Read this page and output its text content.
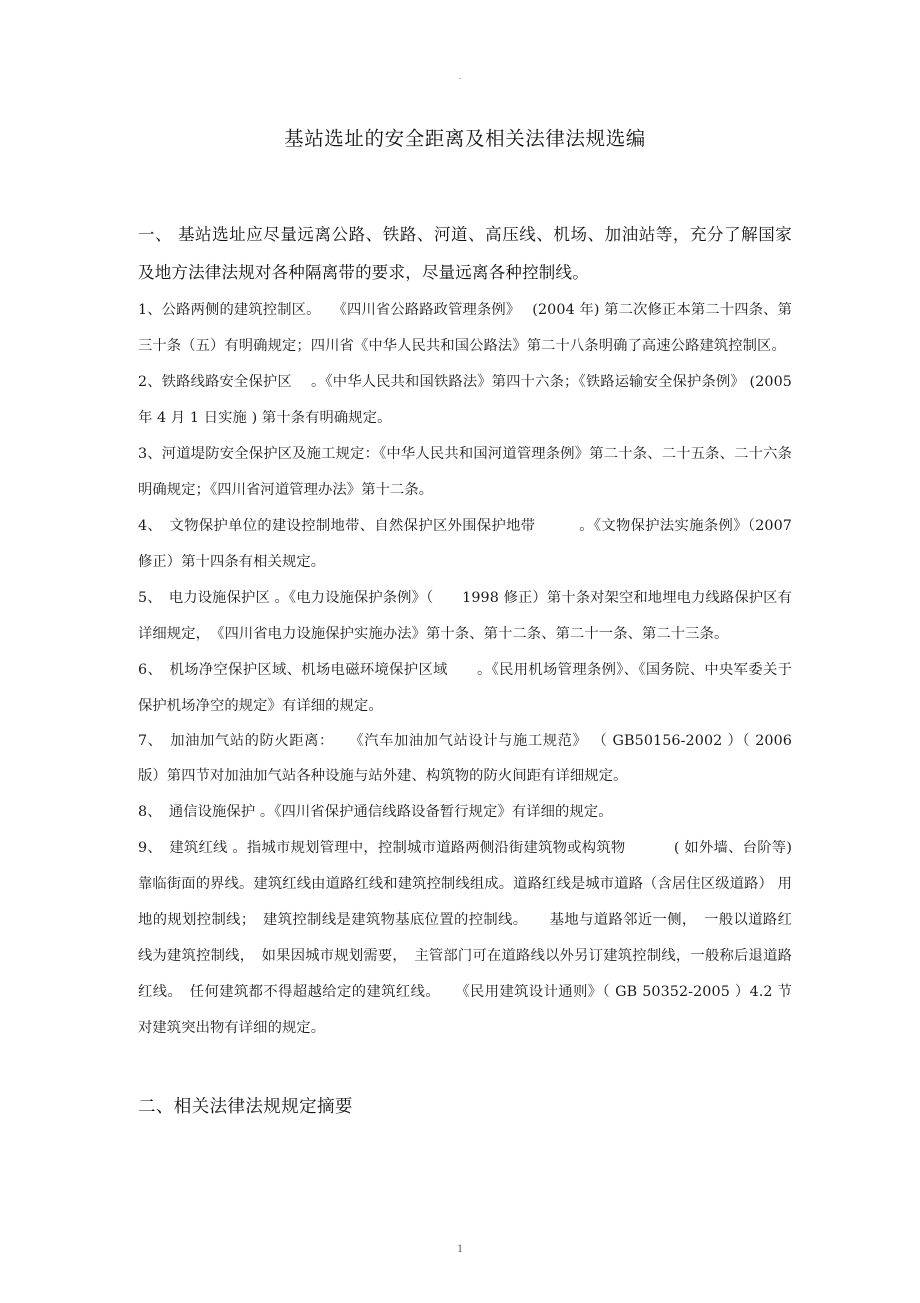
.
基站选址的安全距离及相关法律法规选编
一、 基站选址应尽量远离公路、铁路、河道、高压线、机场、加油站等，充分了解国家及地方法律法规对各种隔离带的要求，尽量远离各种控制线。
1、公路两侧的建筑控制区。 　《四川省公路路政管理条例》　 (2004 年) 第二次修正本第二十四条、第三十条（五）有明确规定；四川省《中华人民共和国公路法》第二十八条明确了高速公路建筑控制区。
2、铁路线路安全保护区 　。《中华人民共和国铁路法》第四十六条；《铁路运输安全保护条例》 (2005 年 4 月 1 日实施 ) 第十条有明确规定。
3、河道堤防安全保护区及施工规定：《中华人民共和国河道管理条例》第二十条、二十五条、二十六条明确规定；《四川省河道管理办法》第十二条。
4、　文物保护单位的建设控制地带、自然保护区外围保护地带　　　。《文物保护法实施条例》（2007 修正）第十四条有相关规定。
5、　电力设施保护区 。《电力设施保护条例》（　　1998 修正）第十条对架空和地埋电力线路保护区有详细规定，　《四川省电力设施保护实施办法》第十条、第十二条、第二十一条、第二十三条。
6、　机场净空保护区域、机场电磁环境保护区域　　。《民用机场管理条例》、《国务院、中央军委关于保护机场净空的规定》有详细的规定。
7、　加油加气站的防火距离：　　《汽车加油加气站设计与施工规范》 （ GB50156-2002 ）（ 2006 版）第四节对加油加气站各种设施与站外建、构筑物的防火间距有详细规定。
8、　通信设施保护 。《四川省保护通信线路设备暂行规定》有详细的规定。
9、　建筑红线 。指城市规划管理中，控制城市道路两侧沿街建筑物或构筑物　　　 ( 如外墙、台阶等) 靠临街面的界线。建筑红线由道路红线和建筑控制线组成。道路红线是城市道路（含居住区级道路） 用地的规划控制线；　建筑控制线是建筑物基底位置的控制线。　　基地与道路邻近一侧，　一般以道路红线为建筑控制线，　如果因城市规划需要，　主管部门可在道路线以外另订建筑控制线，一般称后退道路红线。　任何建筑都不得超越给定的建筑红线。　　《民用建筑设计通则》（ GB 50352-2005 ）4.2 节对建筑突出物有详细的规定。
二、相关法律法规规定摘要
1
